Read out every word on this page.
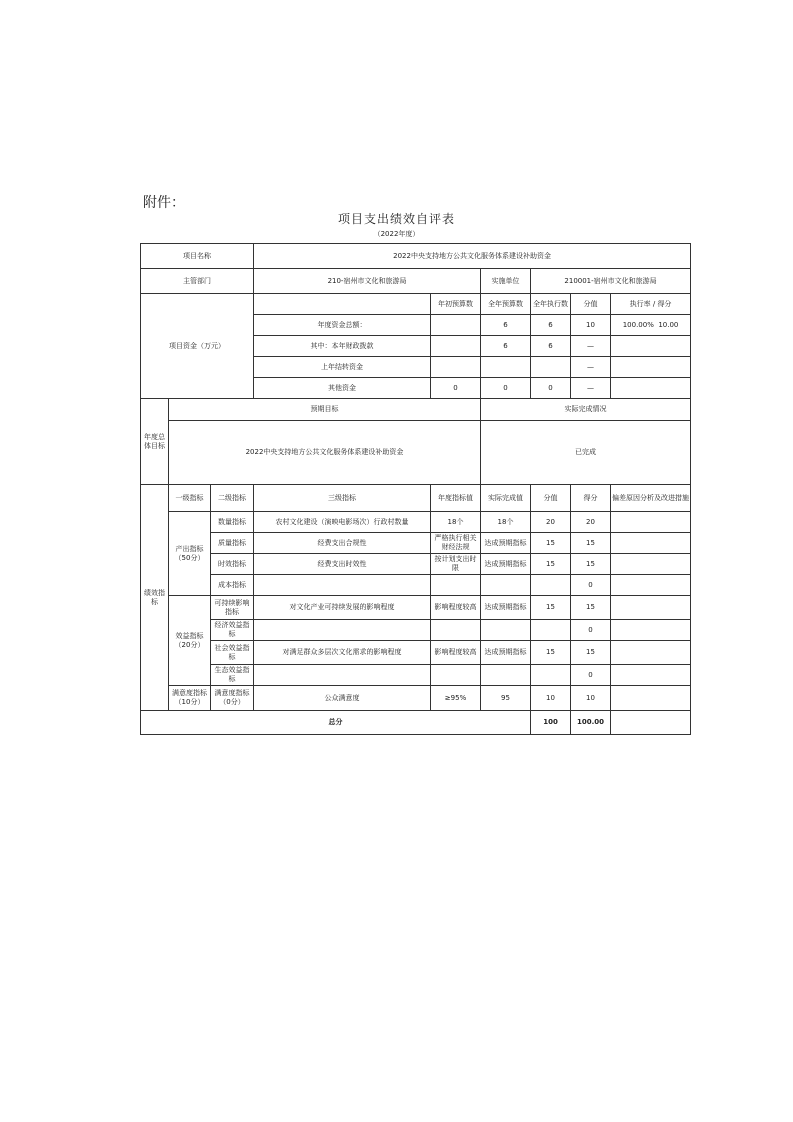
附件：
项目支出绩效自评表
（2022年度）
项目名称			2022中央支持地方公共文化服务体系建设补助资金					
主管部门			210-宿州市文化和旅游局		实施单位	210001-宿州市文化和旅游局		
项目资金（万元）				年初预算数	全年预算数	全年执行数	分值	执行率 / 得分
			年度资金总额：		6	6	10	100.00% 10.00
			其中：本年财政拨款		6	6	—	
			上年结转资金				—	
			其他资金	0	0	0	—	
年度总体目标	预期目标				实际完成情况			
	2022中央支持地方公共文化服务体系建设补助资金				已完成			
绩效指标	一级指标	二级指标	三级指标	年度指标值	实际完成值	分值	得分	偏差原因分析及改进措施
	产出指标（50分）	数量指标	农村文化建设（演映电影场次）行政村数量	18个	18个	20	20	
		质量指标	经费支出合规性	严格执行相关财经法规	达成预期指标	15	15	
		时效指标	经费支出时效性	按计划支出时限	达成预期指标	15	15	
		成本指标					0	
	效益指标（20分）	可持续影响指标	对文化产业可持续发展的影响程度	影响程度较高	达成预期指标	15	15	
		经济效益指标					0	
		社会效益指标	对满足群众多层次文化需求的影响程度	影响程度较高	达成预期指标	15	15	
		生态效益指标					0	
	满意度指标（10分）	满意度指标（0分）	公众满意度	≥95%	95	10	10	
总分						100	100.00	
